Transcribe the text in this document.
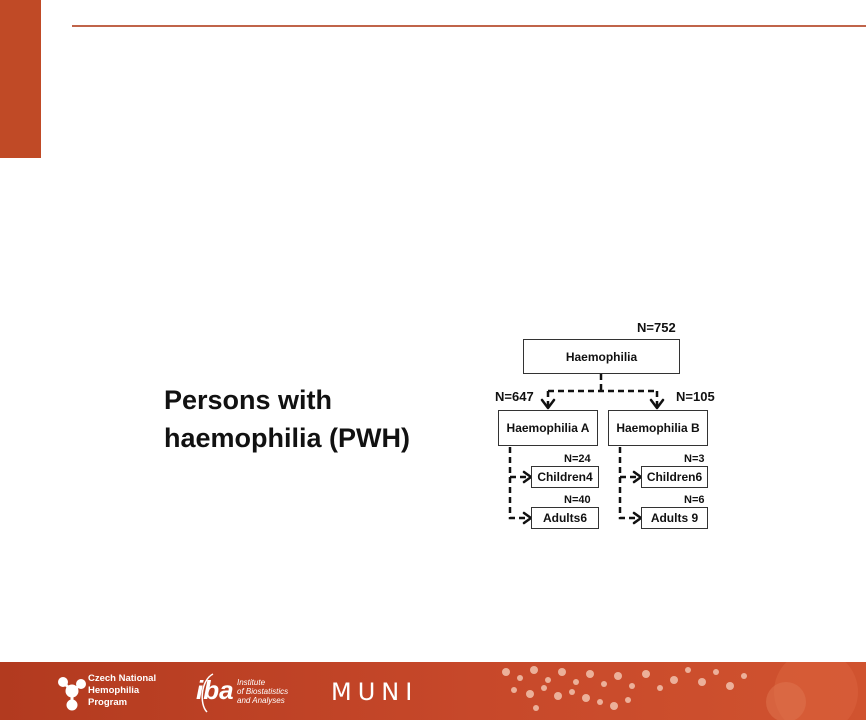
Persons with
haemophilia (PWH)
N=752
Haemophilia
N=647
Haemophilia A
N=24
Children 4
N=40
Adults 6
N=105
Haemophilia B
N=3
Children 6
N=6
Adults
9
Czech National
Hemophilia
Program	iba Institute
of Biostatistics
and Analyses MUNI
